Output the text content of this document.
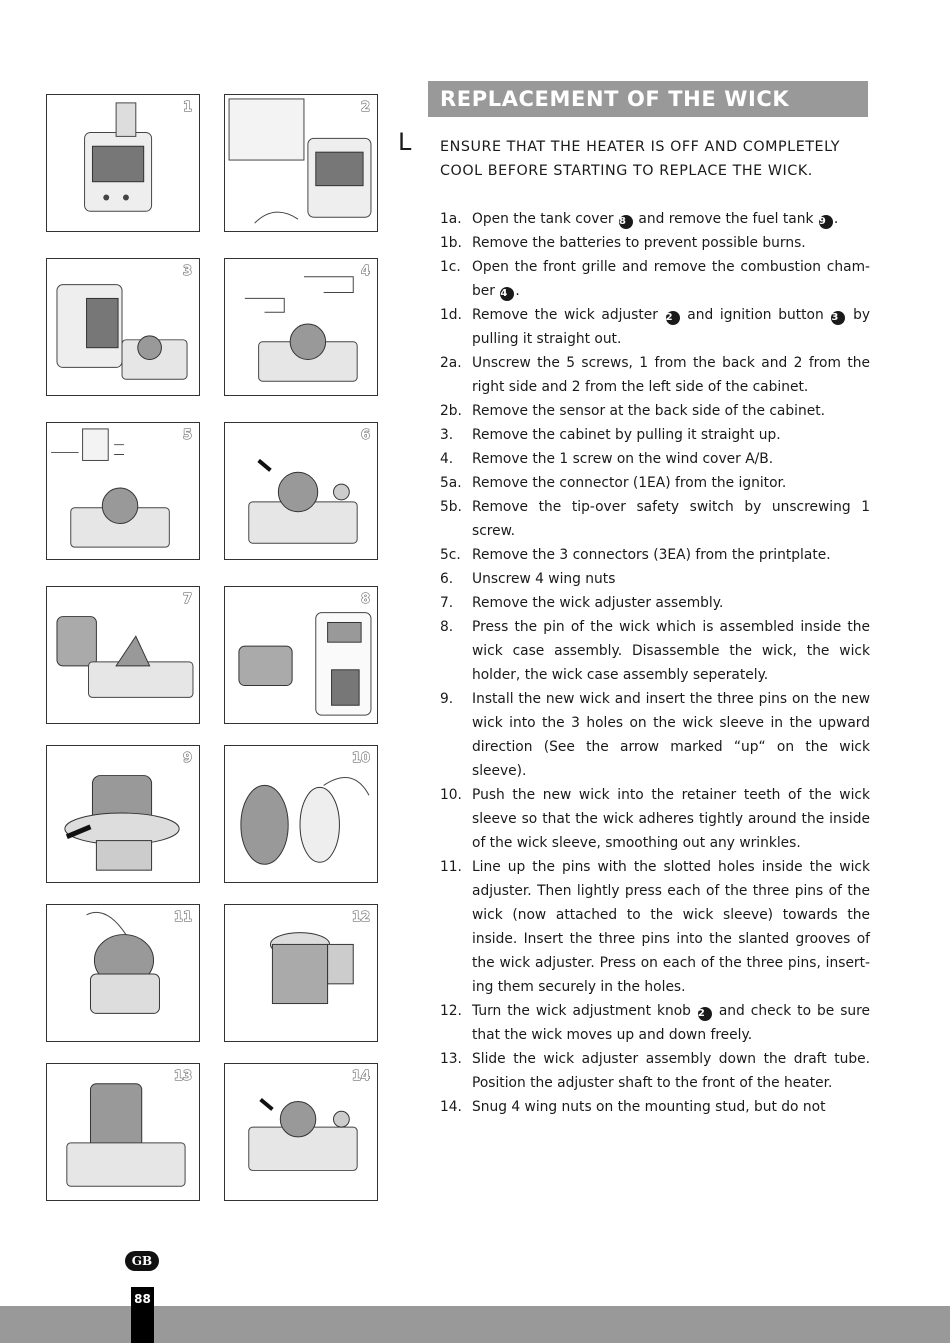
1	2
3	4
5	6
7	8
9	10
11	12
13	14
REPLACEMENT OF THE WICK
L ENSURE THAT THE HEATER IS OFF AND COMPLETELY COOL BEFORE STARTING TO REPLACE THE WICK.
1a. Open the tank cover 8 and remove the fuel tank 9 .
1b. Remove the batteries to prevent possible burns.
1c. Open the front grille and remove the combustion cham-ber 4 .
1d. Remove the wick adjuster 2 and ignition button 3 by pulling it straight out.
2a. Unscrew the 5 screws, 1 from the back and 2 from the right side and 2 from the left side of the cabinet.
2b. Remove the sensor at the back side of the cabinet.
3.	Remove the cabinet by pulling it straight up.
4.	Remove the 1 screw on the wind cover A/B.
5a. Remove the connector (1EA) from the ignitor.
5b. Remove the tip-over safety switch by unscrewing 1 screw.
5c. Remove the 3 connectors (3EA) from the printplate.
6.	Unscrew 4 wing nuts
7.	Remove the wick adjuster assembly.
8.	Press the pin of the wick which is assembled inside the wick case assembly. Disassemble the wick, the wick holder, the wick case assembly seperately.
9.	Install the new wick and insert the three pins on the new wick into the 3 holes on the wick sleeve in the upward direction (See the arrow marked “up“ on the wick sleeve).
10. Push the new wick into the retainer teeth of the wick sleeve so that the wick adheres tightly around the inside of the wick sleeve, smoothing out any wrinkles.
11. Line up the pins with the slotted holes inside the wick adjuster. Then lightly press each of the three pins of the wick (now attached to the wick sleeve) towards the inside. Insert the three pins into the slanted grooves of the wick adjuster. Press on each of the three pins, insert-ing them securely in the holes.
12. Turn the wick adjustment knob 2 and check to be sure that the wick moves up and down freely.
13. Slide the wick adjuster assembly down the draft tube. Position the adjuster shaft to the front of the heater.
14. Snug 4 wing nuts on the mounting stud, but do not
GB
88
